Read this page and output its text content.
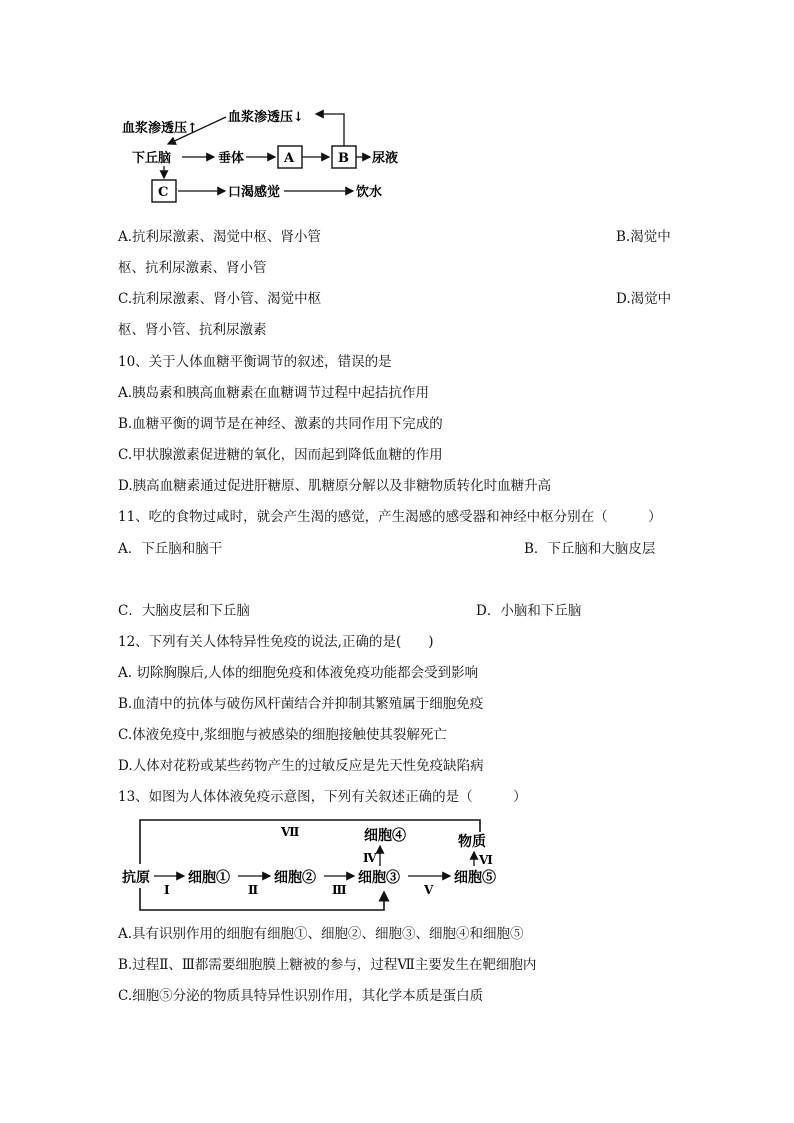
血浆渗透压↑
血浆渗透压↓
下丘脑	垂体	A	B 尿液
C	口渴感觉	饮水
A.抗利尿激素、渴觉中枢、肾小管	B.渴觉中
枢、抗利尿激素、肾小管
C.抗利尿激素、肾小管、渴觉中枢	D.渴觉中
枢、肾小管、抗利尿激素
10、关于人体血糖平衡调节的叙述，错误的是
A.胰岛素和胰高血糖素在血糖调节过程中起拮抗作用
B.血糖平衡的调节是在神经、激素的共同作用下完成的
C.甲状腺激素促进糖的氧化，因而起到降低血糖的作用
D.胰高血糖素通过促进肝糖原、肌糖原分解以及非糖物质转化时血糖升高
11、吃的食物过咸时，就会产生渴的感觉，产生渴感的感受器和神经中枢分别在（　　　）
A．下丘脑和脑干	B．下丘脑和大脑皮层
C．大脑皮层和下丘脑	D．小脑和下丘脑
12、下列有关人体特异性免疫的说法,正确的是(　　)
A. 切除胸腺后,人体的细胞免疫和体液免疫功能都会受到影响
B.血清中的抗体与破伤风杆菌结合并抑制其繁殖属于细胞免疫
C.体液免疫中,浆细胞与被感染的细胞接触使其裂解死亡
D.人体对花粉或某些药物产生的过敏反应是先天性免疫缺陷病
13、如图为人体体液免疫示意图，下列有关叙述正确的是（　　　）
Ⅶ
抗原	细胞①	细胞②	细胞③
细胞④
细胞⑤
物质
Ⅰ	Ⅱ	Ⅲ
Ⅳ
Ⅴ
Ⅵ
A.具有识别作用的细胞有细胞①、细胞②、细胞③、细胞④和细胞⑤
B.过程Ⅱ、Ⅲ都需要细胞膜上糖被的参与，过程Ⅶ主要发生在靶细胞内
C.细胞⑤分泌的物质具特异性识别作用，其化学本质是蛋白质
